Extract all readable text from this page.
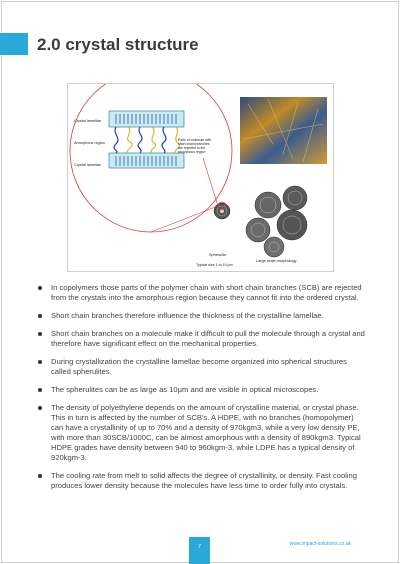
2.0 crystal structure
Crystal lamellae
Amorphous region
Crystal lamellae
Parts of molecule with
short chain branches
are rejected to the
amorphous region
Spherulite
Typical size 1 to 10 µm
Large scale morphology
In copolymers those parts of the polymer chain with short chain branches (SCB) are rejected from the crystals into the amorphous region because they cannot fit into the ordered crystal.
Short chain branches therefore influence the thickness of the crystalline lamellae.
Short chain branches on a molecule make it difficult to pull the molecule through a crystal and therefore have significant effect on the mechanical properties.
During crystallization the crystalline lamellae become organized into spherical structures called spherulites.
The spherulites can be as large as 10µm and are visible in optical microscopes.
The density of polyethylene depends on the amount of crystalline material, or crystal phase. This in turn is affected by the number of SCB's. A HDPE, with no branches (homopolymer) can have a crystallinity of up to 70% and a density of 970kgm3, while a very low density PE, with more than 30SCB/1000C, can be almost amorphous with a density of 890kgm3. Typical HDPE grades have density between 940 to 960kgm-3, while LDPE has a typical density of 920kgm-3.
The cooling rate from melt to solid affects the degree of crystallinity, or density. Fast cooling produces lower density because the molecules have less time to order fully into crystals.
7	www.impact-solutions.co.uk
